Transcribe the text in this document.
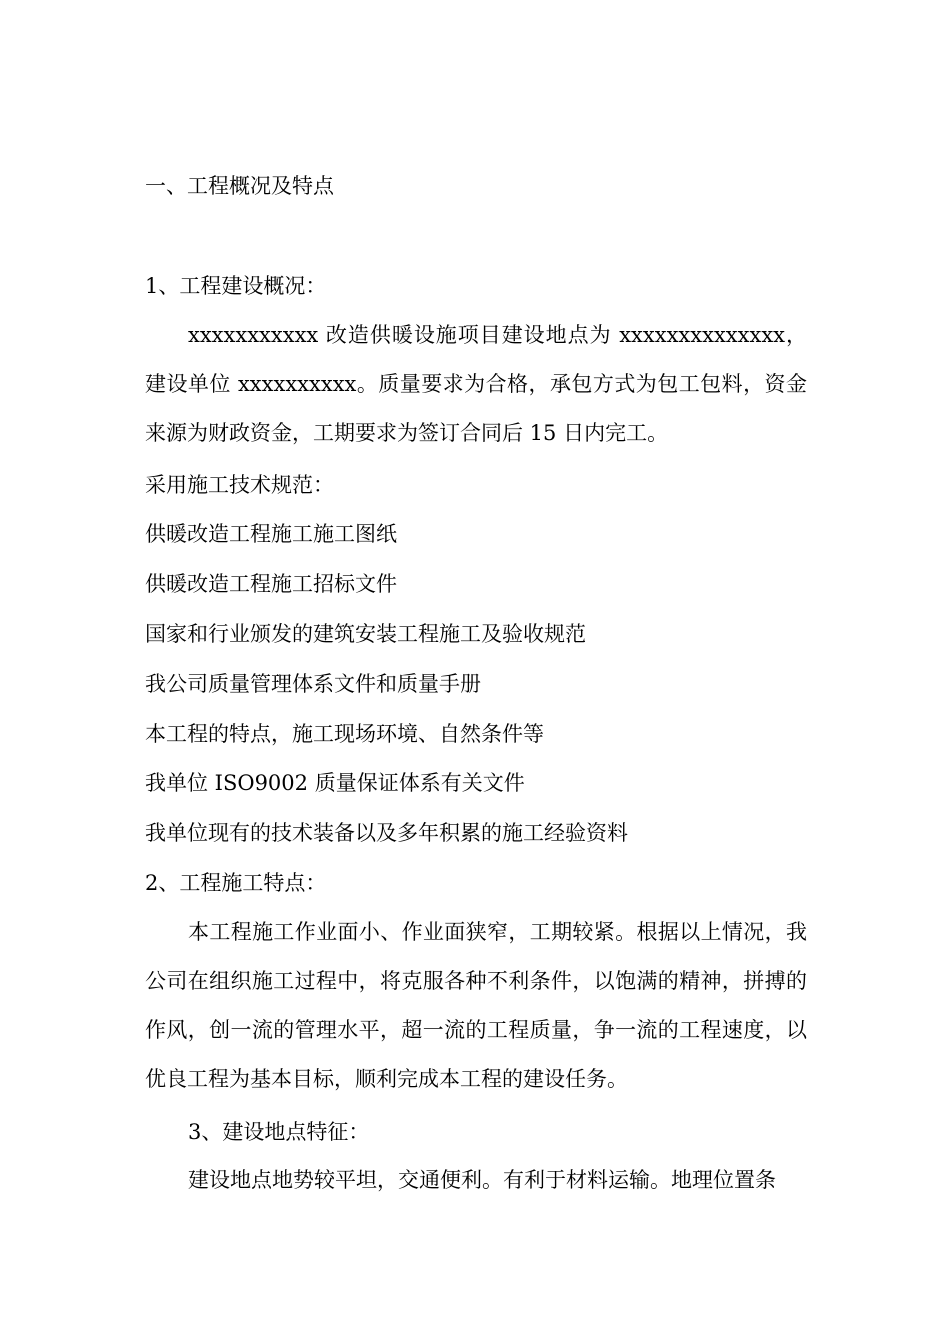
一、工程概况及特点
1、工程建设概况：
xxxxxxxxxxx 改造供暖设施项目建设地点为 xxxxxxxxxxxxxx，建设单位 xxxxxxxxxx。质量要求为合格，承包方式为包工包料，资金来源为财政资金，工期要求为签订合同后 15 日内完工。
采用施工技术规范：
供暖改造工程施工施工图纸
供暖改造工程施工招标文件
国家和行业颁发的建筑安装工程施工及验收规范
我公司质量管理体系文件和质量手册
本工程的特点，施工现场环境、自然条件等
我单位 ISO9002 质量保证体系有关文件
我单位现有的技术装备以及多年积累的施工经验资料
2、工程施工特点：
本工程施工作业面小、作业面狭窄，工期较紧。根据以上情况，我公司在组织施工过程中，将克服各种不利条件，以饱满的精神，拼搏的作风，创一流的管理水平，超一流的工程质量，争一流的工程速度，以优良工程为基本目标，顺利完成本工程的建设任务。
3、建设地点特征：
建设地点地势较平坦，交通便利。有利于材料运输。地理位置条
